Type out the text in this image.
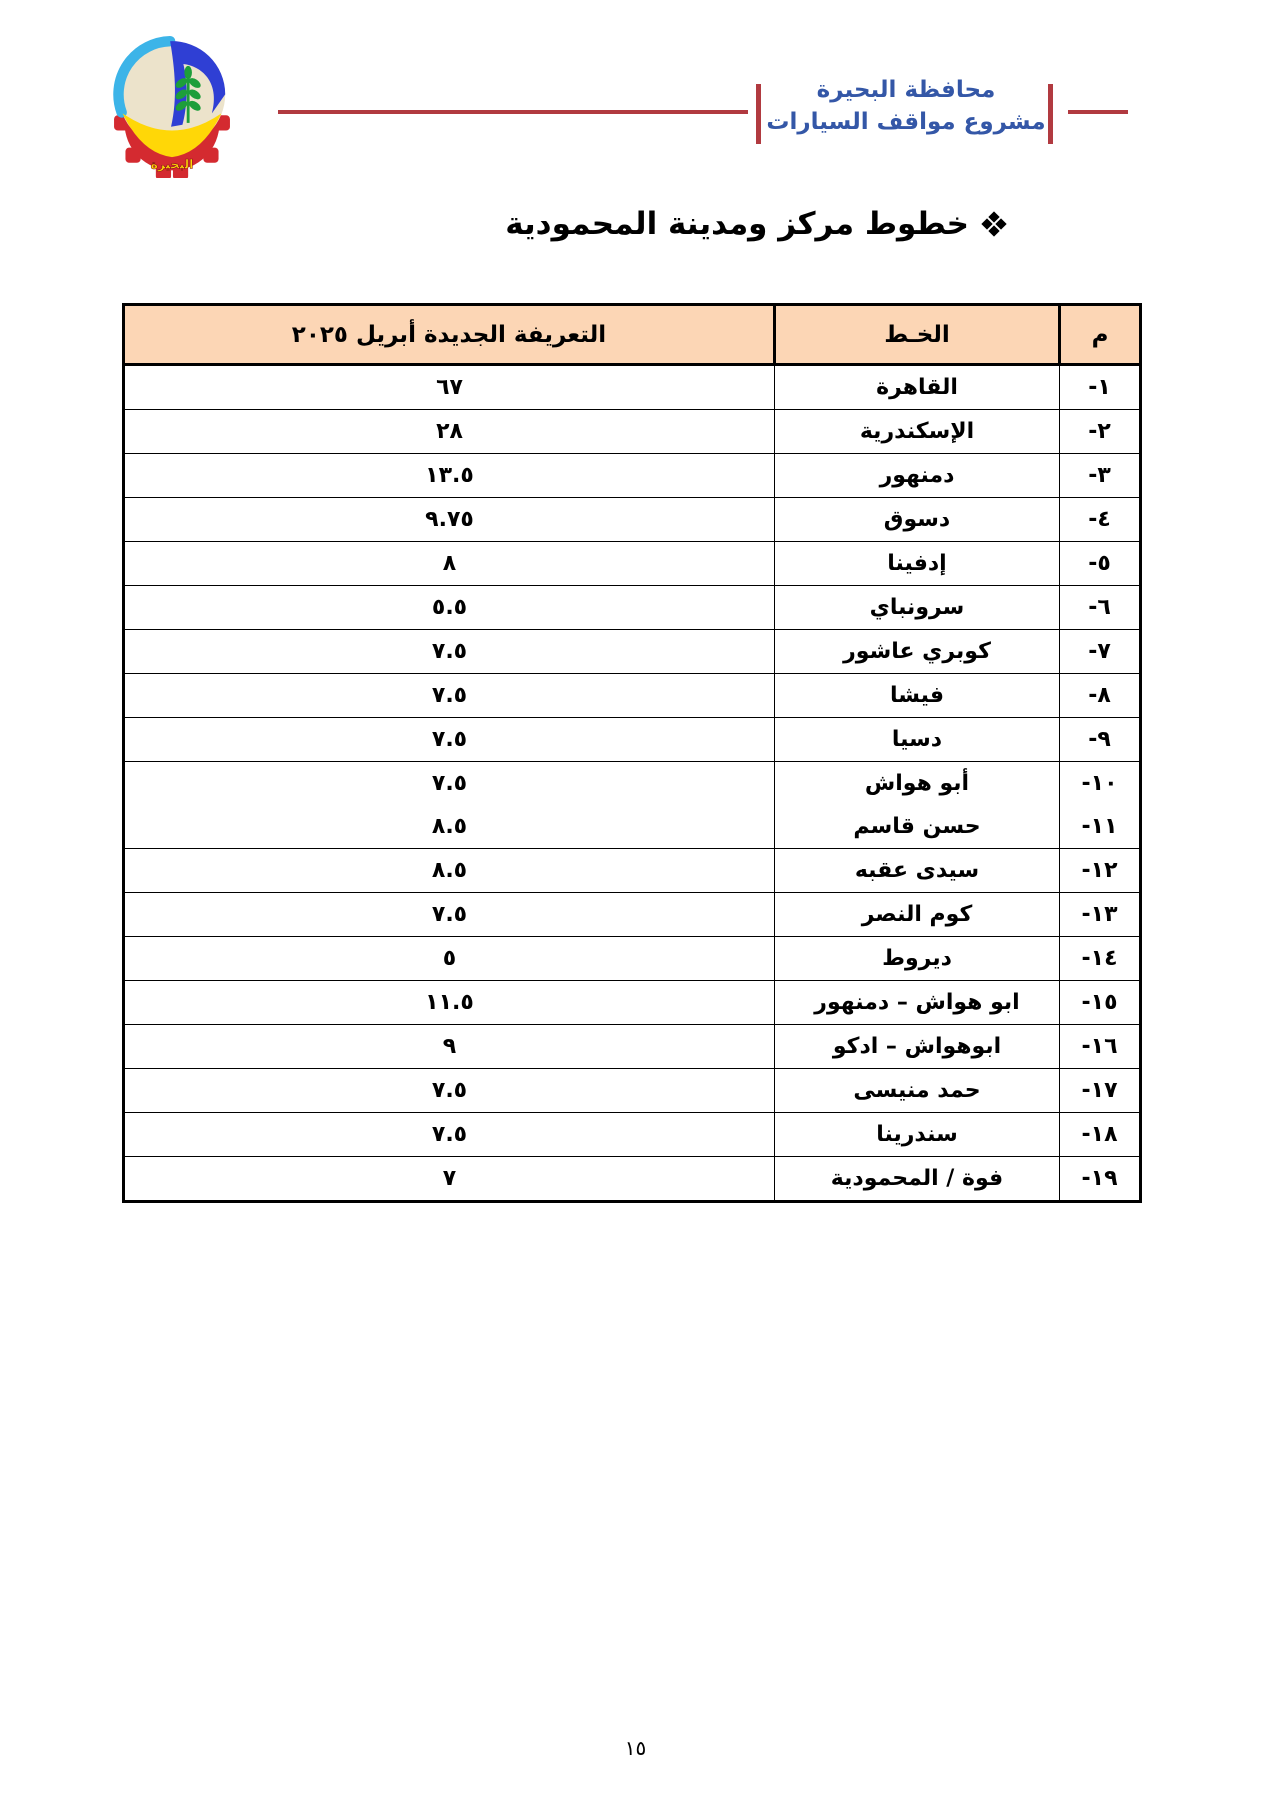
البحيرة
محافظة البحيرة
مشروع مواقف السيارات
خطوط مركز ومدينة المحمودية
م	الخـط	التعريفة الجديدة أبريل ٢٠٢٥
١-	القاهرة	٦٧
٢-	الإسكندرية	٢٨
٣-	دمنهور	١٣.٥
٤-	دسوق	٩.٧٥
٥-	إدفينا	٨
٦-	سرونباي	٥.٥
٧-	كوبري عاشور	٧.٥
٨-	فيشا	٧.٥
٩-	دسيا	٧.٥
١٠-	أبو هواش	٧.٥
١١-	حسن قاسم	٨.٥
١٢-	سيدى عقبه	٨.٥
١٣-	كوم النصر	٧.٥
١٤-	ديروط	٥
١٥-	ابو هواش – دمنهور	١١.٥
١٦-	ابوهواش – ادكو	٩
١٧-	حمد منيسى	٧.٥
١٨-	سندرينا	٧.٥
١٩-	فوة / المحمودية	٧
١٥
